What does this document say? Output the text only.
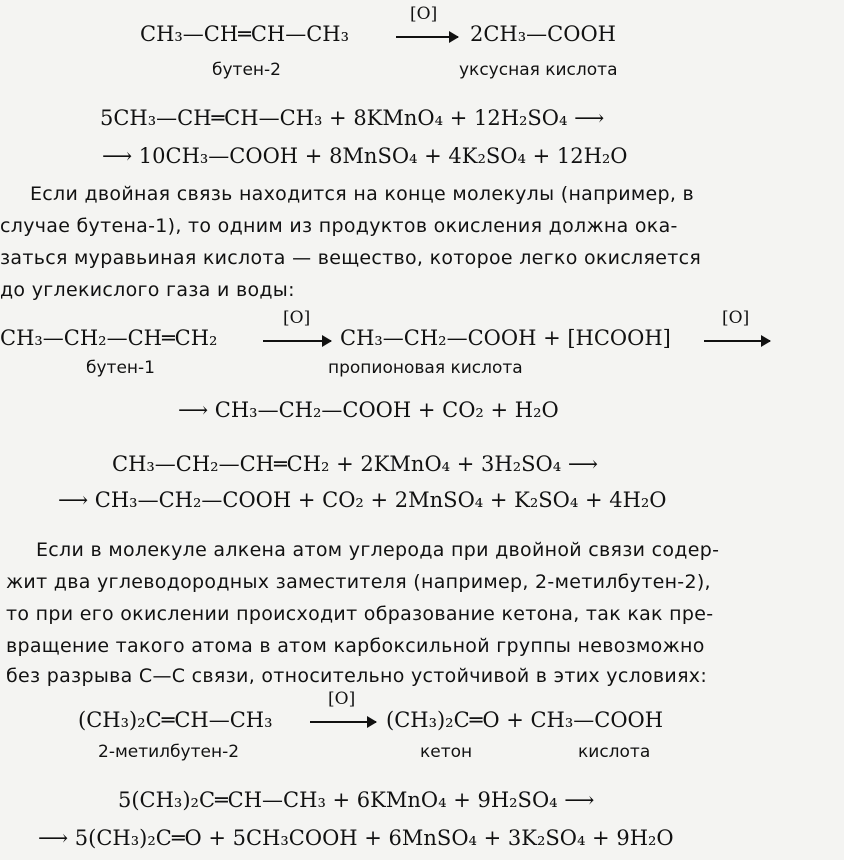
CH₃—CH═CH—CH₃
[O]
2CH₃—COOH
бутен-2	уксусная кислота
5CH₃—CH═CH—CH₃ + 8KMnO₄ + 12H₂SO₄ ⟶
⟶ 10CH₃—COOH + 8MnSO₄ + 4K₂SO₄ + 12H₂O
Если двойная связь находится на конце молекулы (например, в
случае бутена-1), то одним из продуктов окисления должна ока-
заться муравьиная кислота — вещество, которое легко окисляется
до углекислого газа и воды:
CH₃—CH₂—CH═CH₂
[O]
CH₃—CH₂—COOH + [HCOOH]
[O]
бутен-1	пропионовая кислота
⟶ CH₃—CH₂—COOH + CO₂ + H₂O
CH₃—CH₂—CH═CH₂ + 2KMnO₄ + 3H₂SO₄ ⟶
⟶ CH₃—CH₂—COOH + CO₂ + 2MnSO₄ + K₂SO₄ + 4H₂O
Если в молекуле алкена атом углерода при двойной связи содер-
жит два углеводородных заместителя (например, 2-метилбутен-2),
то при его окислении происходит образование кетона, так как пре-
вращение такого атома в атом карбоксильной группы невозможно
без разрыва С—С связи, относительно устойчивой в этих условиях:
(CH₃)₂C═CH—CH₃
[O]
(CH₃)₂C═O + CH₃—COOH
2-метилбутен-2	кетон	кислота
5(CH₃)₂C═CH—CH₃ + 6KMnO₄ + 9H₂SO₄ ⟶
⟶ 5(CH₃)₂C═O + 5CH₃COOH + 6MnSO₄ + 3K₂SO₄ + 9H₂O
